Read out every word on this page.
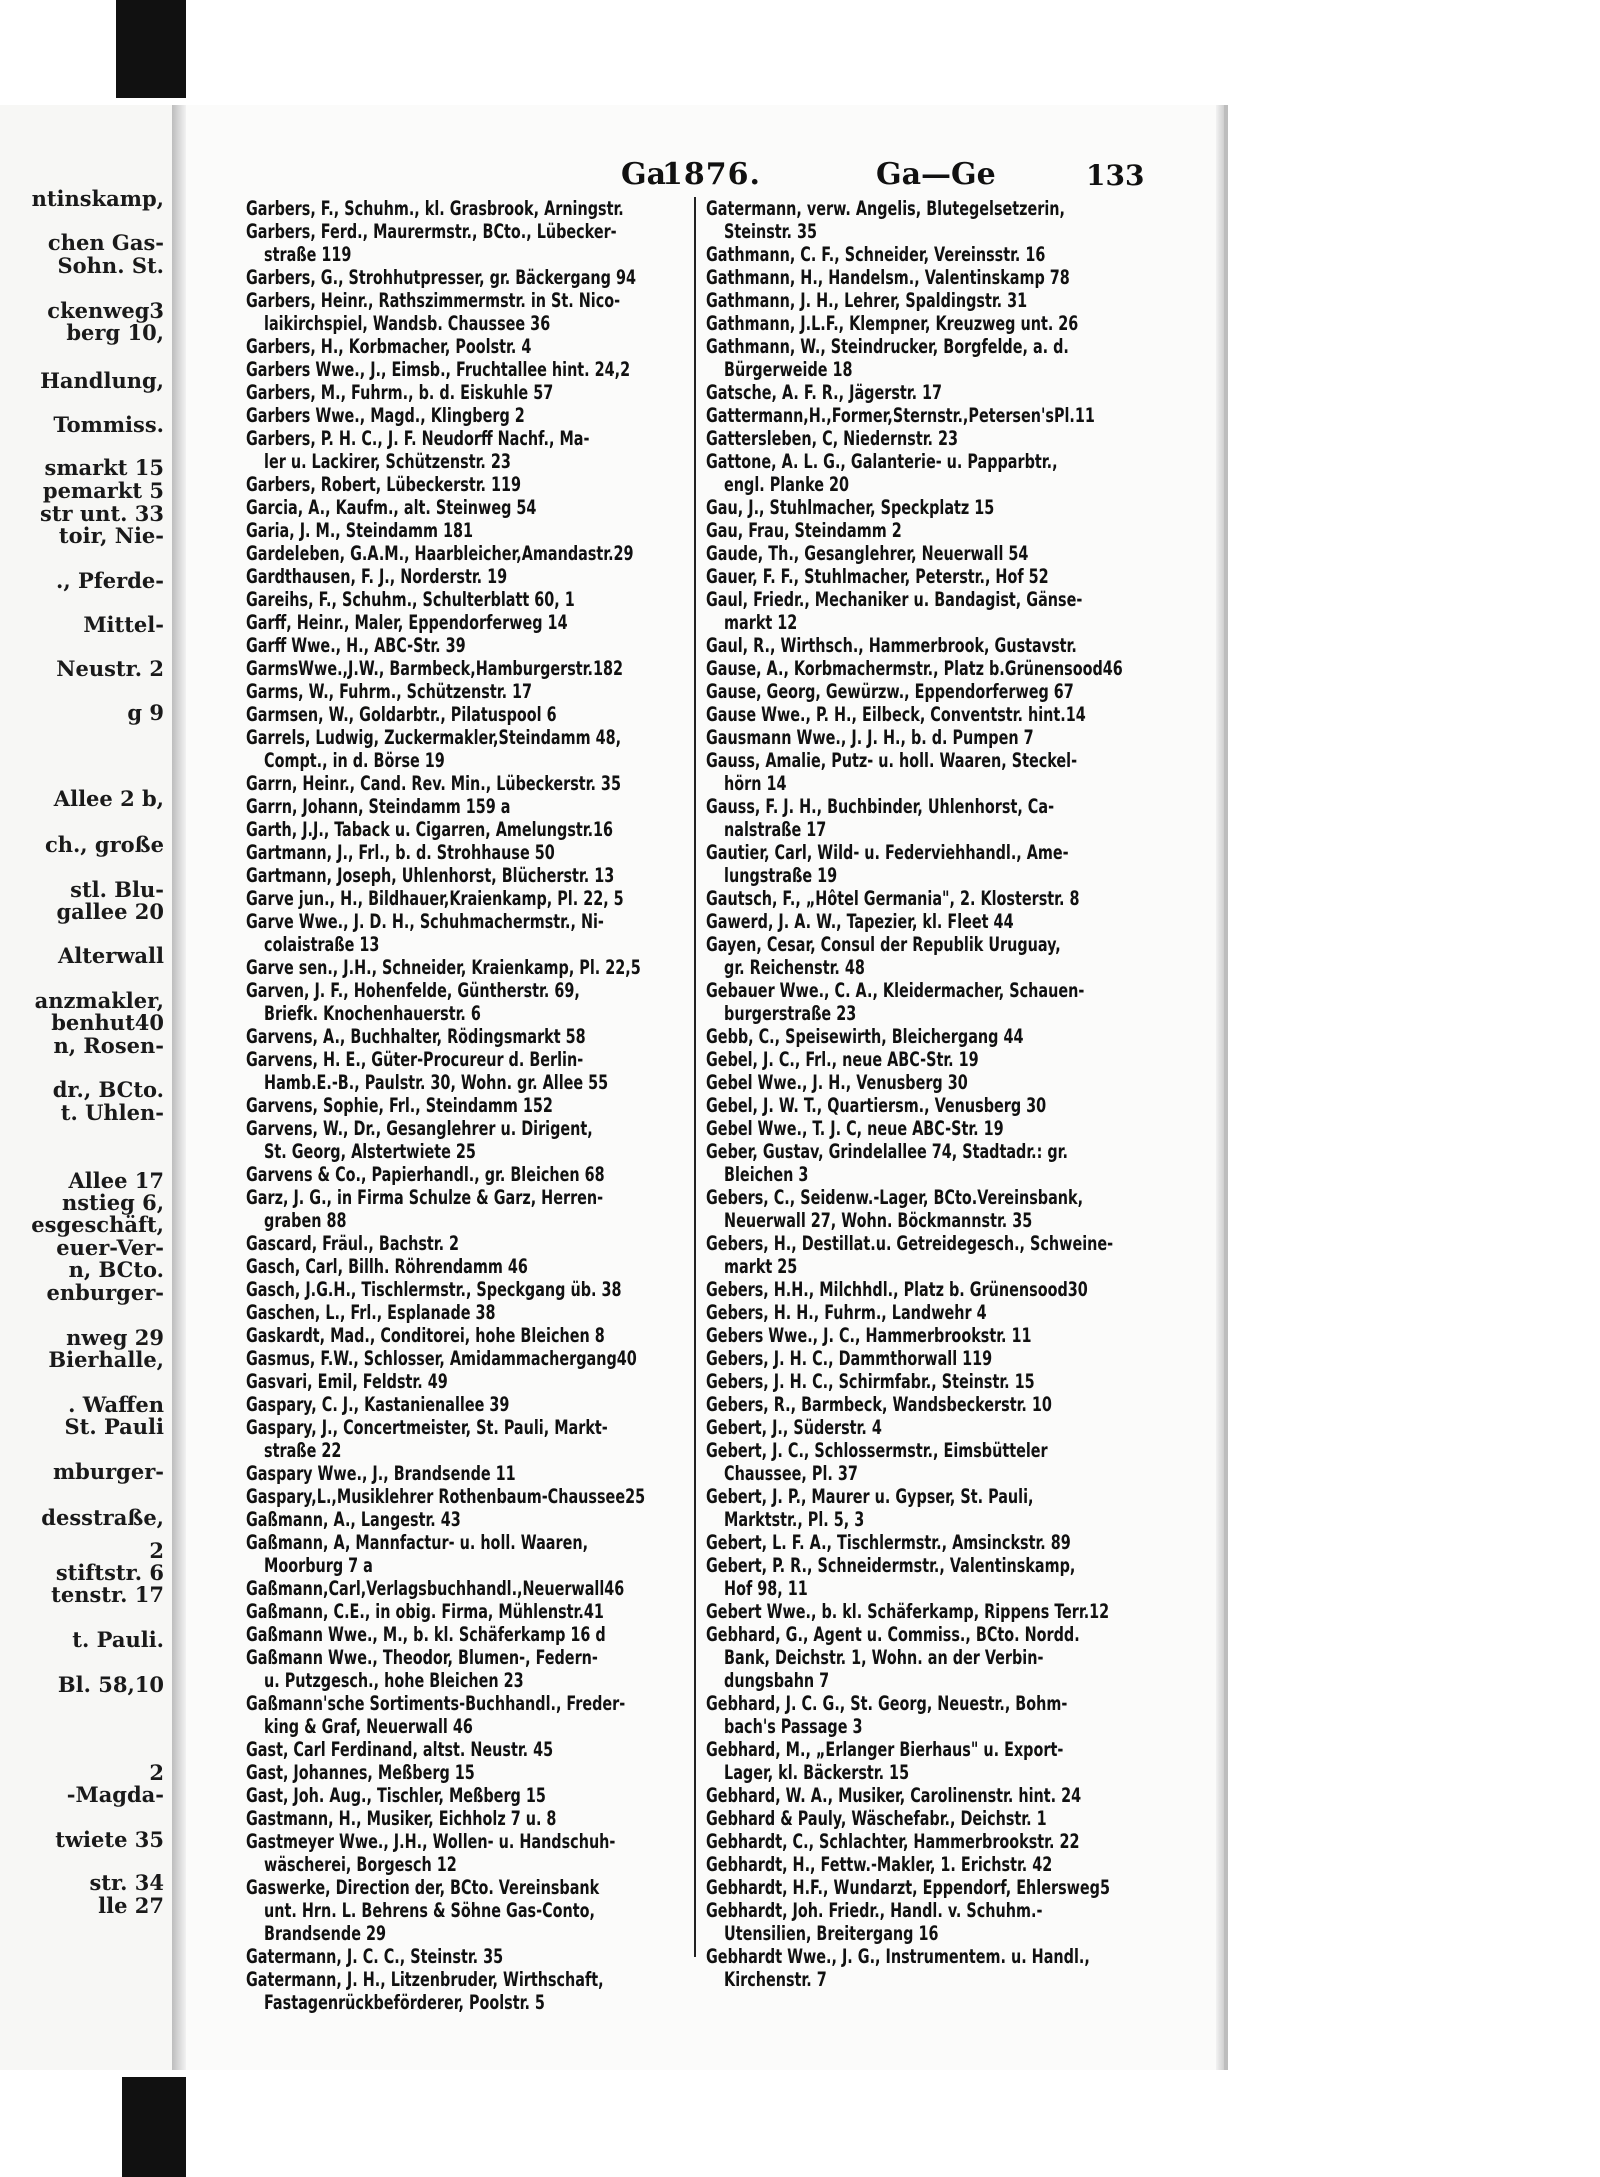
ntinskamp,
chen Gas-
Sohn. St.
ckenweg3
berg 10,
Handlung,
Tommiss.
smarkt 15
pemarkt 5
str unt. 33
toir, Nie-
., Pferde-
Mittel-
Neustr. 2
g 9
Allee 2 b,
ch., große
stl. Blu-
gallee 20
Alterwall
anzmakler,
benhut40
n, Rosen-
dr., BCto.
t. Uhlen-
Allee 17
nstieg 6,
esgeschäft,
euer-Ver-
n, BCto.
enburger-
nweg 29
Bierhalle,
. Waffen
St. Pauli
mburger-
desstraße,
2
stiftstr. 6
tenstr. 17
t. Pauli.
Bl. 58,10
2
-Magda-
twiete 35
str. 34
lle 27
Ga
1876.	Ga—Ge	133
Garbers, F., Schuhm., kl. Grasbrook, Arningstr.
Garbers, Ferd., Maurermstr., BCto., Lübecker-
straße 119
Garbers, G., Strohhutpresser, gr. Bäckergang 94
Garbers, Heinr., Rathszimmermstr. in St. Nico-
laikirchspiel, Wandsb. Chaussee 36
Garbers, H., Korbmacher, Poolstr. 4
Garbers Wwe., J., Eimsb., Fruchtallee hint. 24,2
Garbers, M., Fuhrm., b. d. Eiskuhle 57
Garbers Wwe., Magd., Klingberg 2
Garbers, P. H. C., J. F. Neudorff Nachf., Ma-
ler u. Lackirer, Schützenstr. 23
Garbers, Robert, Lübeckerstr. 119
Garcia, A., Kaufm., alt. Steinweg 54
Garia, J. M., Steindamm 181
Gardeleben, G.A.M., Haarbleicher,Amandastr.29
Gardthausen, F. J., Norderstr. 19
Gareihs, F., Schuhm., Schulterblatt 60, 1
Garff, Heinr., Maler, Eppendorferweg 14
Garff Wwe., H., ABC-Str. 39
GarmsWwe.,J.W., Barmbeck,Hamburgerstr.182
Garms, W., Fuhrm., Schützenstr. 17
Garmsen, W., Goldarbtr., Pilatuspool 6
Garrels, Ludwig, Zuckermakler,Steindamm 48,
Compt., in d. Börse 19
Garrn, Heinr., Cand. Rev. Min., Lübeckerstr. 35
Garrn, Johann, Steindamm 159 a
Garth, J.J., Taback u. Cigarren, Amelungstr.16
Gartmann, J., Frl., b. d. Strohhause 50
Gartmann, Joseph, Uhlenhorst, Blücherstr. 13
Garve jun., H., Bildhauer,Kraienkamp, Pl. 22, 5
Garve Wwe., J. D. H., Schuhmachermstr., Ni-
colaistraße 13
Garve sen., J.H., Schneider, Kraienkamp, Pl. 22,5
Garven, J. F., Hohenfelde, Güntherstr. 69,
Briefk. Knochenhauerstr. 6
Garvens, A., Buchhalter, Rödingsmarkt 58
Garvens, H. E., Güter-Procureur d. Berlin-
Hamb.E.-B., Paulstr. 30, Wohn. gr. Allee 55
Garvens, Sophie, Frl., Steindamm 152
Garvens, W., Dr., Gesanglehrer u. Dirigent,
St. Georg, Alstertwiete 25
Garvens & Co., Papierhandl., gr. Bleichen 68
Garz, J. G., in Firma Schulze & Garz, Herren-
graben 88
Gascard, Fräul., Bachstr. 2
Gasch, Carl, Billh. Röhrendamm 46
Gasch, J.G.H., Tischlermstr., Speckgang üb. 38
Gaschen, L., Frl., Esplanade 38
Gaskardt, Mad., Conditorei, hohe Bleichen 8
Gasmus, F.W., Schlosser, Amidammachergang40
Gasvari, Emil, Feldstr. 49
Gaspary, C. J., Kastanienallee 39
Gaspary, J., Concertmeister, St. Pauli, Markt-
straße 22
Gaspary Wwe., J., Brandsende 11
Gaspary,L.,Musiklehrer Rothenbaum-Chaussee25
Gaßmann, A., Langestr. 43
Gaßmann, A, Mannfactur- u. holl. Waaren,
Moorburg 7 a
Gaßmann,Carl,Verlagsbuchhandl.,Neuerwall46
Gaßmann, C.E., in obig. Firma, Mühlenstr.41
Gaßmann Wwe., M., b. kl. Schäferkamp 16 d
Gaßmann Wwe., Theodor, Blumen-, Federn-
u. Putzgesch., hohe Bleichen 23
Gaßmann'sche Sortiments-Buchhandl., Freder-
king & Graf, Neuerwall 46
Gast, Carl Ferdinand, altst. Neustr. 45
Gast, Johannes, Meßberg 15
Gast, Joh. Aug., Tischler, Meßberg 15
Gastmann, H., Musiker, Eichholz 7 u. 8
Gastmeyer Wwe., J.H., Wollen- u. Handschuh-
wäscherei, Borgesch 12
Gaswerke, Direction der, BCto. Vereinsbank
unt. Hrn. L. Behrens & Söhne Gas-Conto,
Brandsende 29
Gatermann, J. C. C., Steinstr. 35
Gatermann, J. H., Litzenbruder, Wirthschaft,
Fastagenrückbeförderer, Poolstr. 5
Gatermann, verw. Angelis, Blutegelsetzerin,
Steinstr. 35
Gathmann, C. F., Schneider, Vereinsstr. 16
Gathmann, H., Handelsm., Valentinskamp 78
Gathmann, J. H., Lehrer, Spaldingstr. 31
Gathmann, J.L.F., Klempner, Kreuzweg unt. 26
Gathmann, W., Steindrucker, Borgfelde, a. d.
Bürgerweide 18
Gatsche, A. F. R., Jägerstr. 17
Gattermann,H.,Former,Sternstr.,Petersen'sPl.11
Gattersleben, C, Niedernstr. 23
Gattone, A. L. G., Galanterie- u. Papparbtr.,
engl. Planke 20
Gau, J., Stuhlmacher, Speckplatz 15
Gau, Frau, Steindamm 2
Gaude, Th., Gesanglehrer, Neuerwall 54
Gauer, F. F., Stuhlmacher, Peterstr., Hof 52
Gaul, Friedr., Mechaniker u. Bandagist, Gänse-
markt 12
Gaul, R., Wirthsch., Hammerbrook, Gustavstr.
Gause, A., Korbmachermstr., Platz b.Grünensood46
Gause, Georg, Gewürzw., Eppendorferweg 67
Gause Wwe., P. H., Eilbeck, Conventstr. hint.14
Gausmann Wwe., J. J. H., b. d. Pumpen 7
Gauss, Amalie, Putz- u. holl. Waaren, Steckel-
hörn 14
Gauss, F. J. H., Buchbinder, Uhlenhorst, Ca-
nalstraße 17
Gautier, Carl, Wild- u. Federviehhandl., Ame-
lungstraße 19
Gautsch, F., „Hôtel Germania", 2. Klosterstr. 8
Gawerd, J. A. W., Tapezier, kl. Fleet 44
Gayen, Cesar, Consul der Republik Uruguay,
gr. Reichenstr. 48
Gebauer Wwe., C. A., Kleidermacher, Schauen-
burgerstraße 23
Gebb, C., Speisewirth, Bleichergang 44
Gebel, J. C., Frl., neue ABC-Str. 19
Gebel Wwe., J. H., Venusberg 30
Gebel, J. W. T., Quartiersm., Venusberg 30
Gebel Wwe., T. J. C, neue ABC-Str. 19
Geber, Gustav, Grindelallee 74, Stadtadr.: gr.
Bleichen 3
Gebers, C., Seidenw.-Lager, BCto.Vereinsbank,
Neuerwall 27, Wohn. Böckmannstr. 35
Gebers, H., Destillat.u. Getreidegesch., Schweine-
markt 25
Gebers, H.H., Milchhdl., Platz b. Grünensood30
Gebers, H. H., Fuhrm., Landwehr 4
Gebers Wwe., J. C., Hammerbrookstr. 11
Gebers, J. H. C., Dammthorwall 119
Gebers, J. H. C., Schirmfabr., Steinstr. 15
Gebers, R., Barmbeck, Wandsbeckerstr. 10
Gebert, J., Süderstr. 4
Gebert, J. C., Schlossermstr., Eimsbütteler
Chaussee, Pl. 37
Gebert, J. P., Maurer u. Gypser, St. Pauli,
Marktstr., Pl. 5, 3
Gebert, L. F. A., Tischlermstr., Amsinckstr. 89
Gebert, P. R., Schneidermstr., Valentinskamp,
Hof 98, 11
Gebert Wwe., b. kl. Schäferkamp, Rippens Terr.12
Gebhard, G., Agent u. Commiss., BCto. Nordd.
Bank, Deichstr. 1, Wohn. an der Verbin-
dungsbahn 7
Gebhard, J. C. G., St. Georg, Neuestr., Bohm-
bach's Passage 3
Gebhard, M., „Erlanger Bierhaus" u. Export-
Lager, kl. Bäckerstr. 15
Gebhard, W. A., Musiker, Carolinenstr. hint. 24
Gebhard & Pauly, Wäschefabr., Deichstr. 1
Gebhardt, C., Schlachter, Hammerbrookstr. 22
Gebhardt, H., Fettw.-Makler, 1. Erichstr. 42
Gebhardt, H.F., Wundarzt, Eppendorf, Ehlersweg5
Gebhardt, Joh. Friedr., Handl. v. Schuhm.-
Utensilien, Breitergang 16
Gebhardt Wwe., J. G., Instrumentem. u. Handl.,
Kirchenstr. 7
